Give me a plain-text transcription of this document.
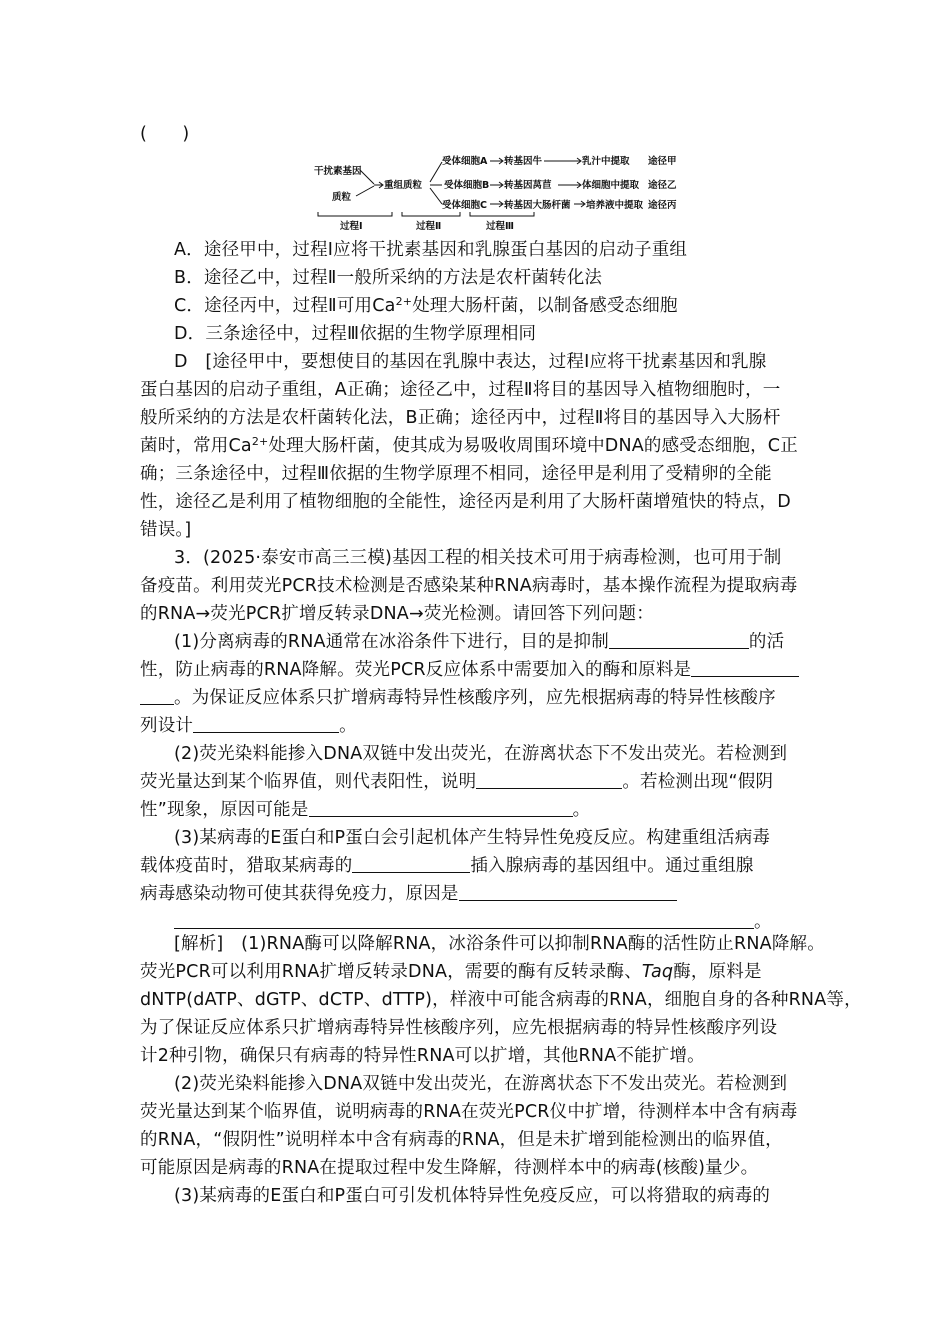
(　　)
干扰素基因
质粒
重组质粒
受体细胞A
受体细胞B
受体细胞C
转基因牛
转基因莴苣
转基因大肠杆菌
乳汁中提取
体细胞中提取
培养液中提取
途径甲
途径乙
途径丙
过程Ⅰ	过程Ⅱ	过程Ⅲ
A．途径甲中，过程Ⅰ应将干扰素基因和乳腺蛋白基因的启动子重组
B．途径乙中，过程Ⅱ一般所采纳的方法是农杆菌转化法
C．途径丙中，过程Ⅱ可用$Ca^{2+}$处理大肠杆菌，以制备感受态细胞
D．三条途径中，过程Ⅲ依据的生物学原理相同
D　[途径甲中，要想使目的基因在乳腺中表达，过程Ⅰ应将干扰素基因和乳腺
蛋白基因的启动子重组，A正确；途径乙中，过程Ⅱ将目的基因导入植物细胞时，一
般所采纳的方法是农杆菌转化法，B正确；途径丙中，过程Ⅱ将目的基因导入大肠杆
菌时，常用$Ca^{2+}$处理大肠杆菌，使其成为易吸收周围环境中DNA的感受态细胞，C正
确；三条途径中，过程Ⅲ依据的生物学原理不相同，途径甲是利用了受精卵的全能
性，途径乙是利用了植物细胞的全能性，途径丙是利用了大肠杆菌增殖快的特点，D
错误。]
3．(2025·泰安市高三三模)基因工程的相关技术可用于病毒检测，也可用于制
备疫苗。利用荧光PCR技术检测是否感染某种RNA病毒时，基本操作流程为提取病毒
的RNA→荧光PCR扩增反转录DNA→荧光检测。请回答下列问题：
(1)分离病毒的RNA通常在冰浴条件下进行，目的是抑制	的活
性，防止病毒的RNA降解。荧光PCR反应体系中需要加入的酶和原料是
。为保证反应体系只扩增病毒特异性核酸序列，应先根据病毒的特异性核酸序
列设计	。
(2)荧光染料能掺入DNA双链中发出荧光，在游离状态下不发出荧光。若检测到
荧光量达到某个临界值，则代表阳性，说明	。若检测出现“假阴
性”现象，原因可能是	。
(3)某病毒的E蛋白和P蛋白会引起机体产生特异性免疫反应。构建重组活病毒
载体疫苗时，猎取某病毒的	插入腺病毒的基因组中。通过重组腺
病毒感染动物可使其获得免疫力，原因是
。
[解析]　(1)RNA酶可以降解RNA，冰浴条件可以抑制RNA酶的活性防止RNA降解。
荧光PCR可以利用RNA扩增反转录DNA，需要的酶有反转录酶、Taq酶，原料是
dNTP(dATP、dGTP、dCTP、dTTP)，样液中可能含病毒的RNA，细胞自身的各种RNA等，
为了保证反应体系只扩增病毒特异性核酸序列，应先根据病毒的特异性核酸序列设
计2种引物，确保只有病毒的特异性RNA可以扩增，其他RNA不能扩增。
(2)荧光染料能掺入DNA双链中发出荧光，在游离状态下不发出荧光。若检测到
荧光量达到某个临界值，说明病毒的RNA在荧光PCR仪中扩增，待测样本中含有病毒
的RNA，“假阴性”说明样本中含有病毒的RNA，但是未扩增到能检测出的临界值，
可能原因是病毒的RNA在提取过程中发生降解，待测样本中的病毒(核酸)量少。
(3)某病毒的E蛋白和P蛋白可引发机体特异性免疫反应，可以将猎取的病毒的
